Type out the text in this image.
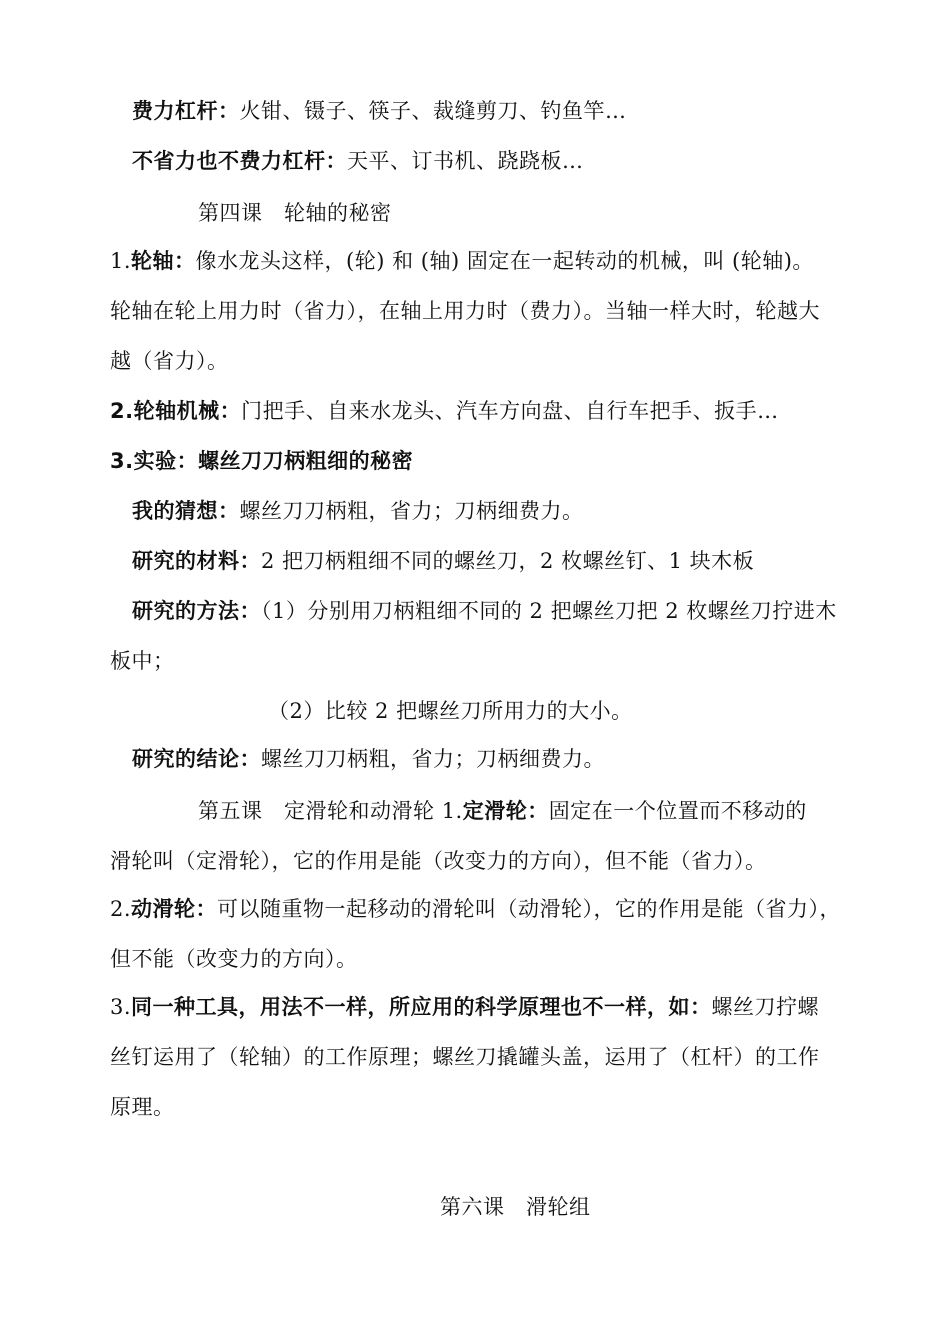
费力杠杆：火钳、镊子、筷子、裁缝剪刀、钓鱼竿…
不省力也不费力杠杆：天平、订书机、跷跷板…
第四课　轮轴的秘密
1.轮轴：像水龙头这样，(轮) 和 (轴) 固定在一起转动的机械，叫 (轮轴)。
轮轴在轮上用力时（省力），在轴上用力时（费力）。当轴一样大时，轮越大
越（省力）。
2.轮轴机械：门把手、自来水龙头、汽车方向盘、自行车把手、扳手…
3.实验：螺丝刀刀柄粗细的秘密
我的猜想：螺丝刀刀柄粗，省力；刀柄细费力。
研究的材料：2 把刀柄粗细不同的螺丝刀，2 枚螺丝钉、1 块木板
研究的方法：（1）分别用刀柄粗细不同的 2 把螺丝刀把 2 枚螺丝刀拧进木
板中；
（2）比较 2 把螺丝刀所用力的大小。
研究的结论：螺丝刀刀柄粗，省力；刀柄细费力。
第五课　定滑轮和动滑轮 1.定滑轮：固定在一个位置而不移动的
滑轮叫（定滑轮），它的作用是能（改变力的方向），但不能（省力）。
2.动滑轮：可以随重物一起移动的滑轮叫（动滑轮），它的作用是能（省力），
但不能（改变力的方向）。
3.同一种工具，用法不一样，所应用的科学原理也不一样，如：螺丝刀拧螺
丝钉运用了（轮轴）的工作原理；螺丝刀撬罐头盖，运用了（杠杆）的工作
原理。
第六课　滑轮组
